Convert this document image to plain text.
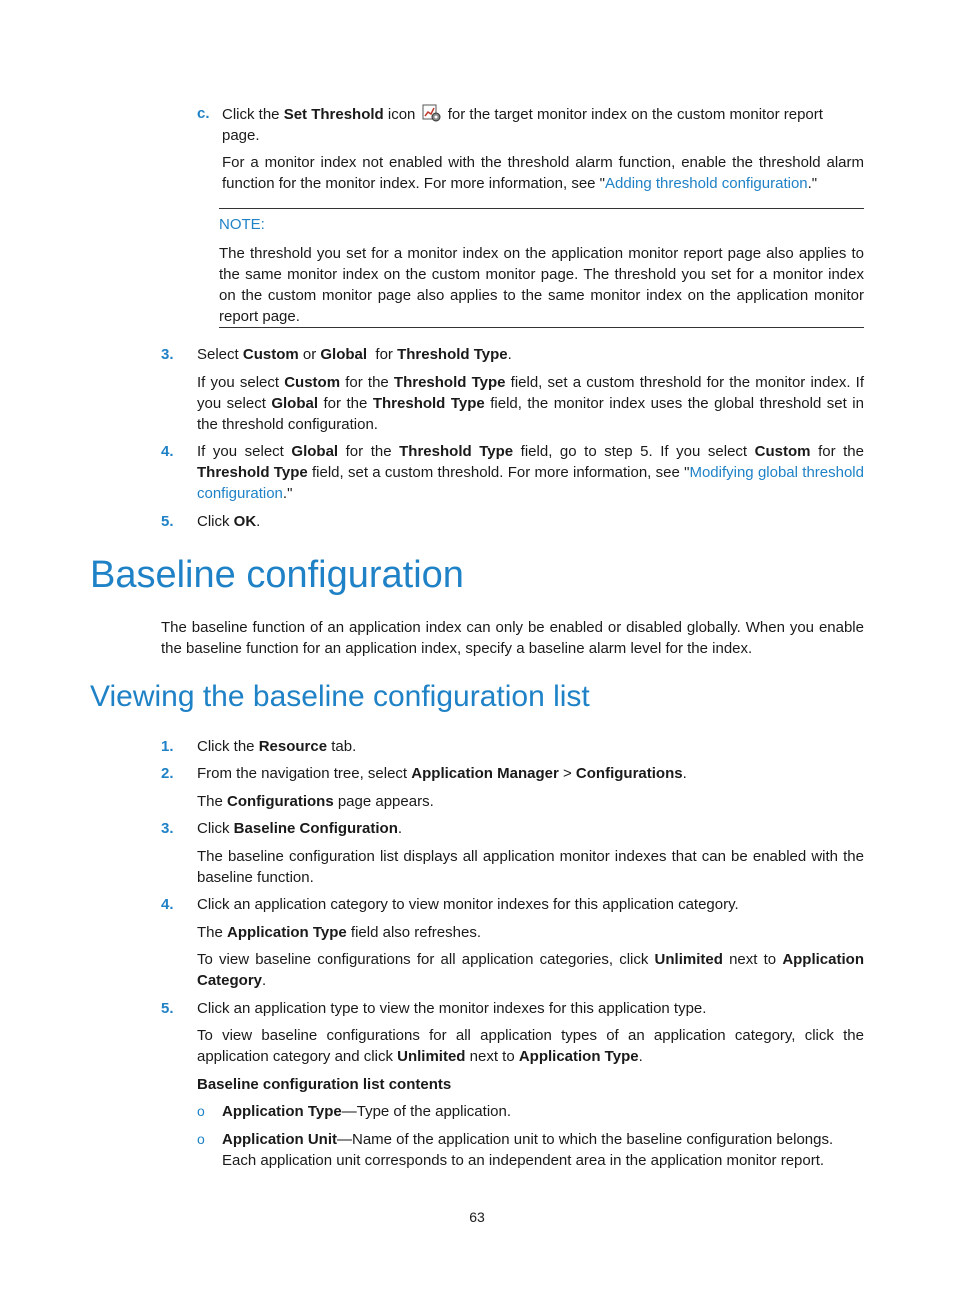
c. Click the Set Threshold icon  for the target monitor index on the custom monitor report page.
For a monitor index not enabled with the threshold alarm function, enable the threshold alarm function for the monitor index. For more information, see "Adding threshold configuration."
NOTE:
The threshold you set for a monitor index on the application monitor report page also applies to the same monitor index on the custom monitor page. The threshold you set for a monitor index on the custom monitor page also applies to the same monitor index on the application monitor report page.
3. Select Custom or Global  for Threshold Type.
If you select Custom for the Threshold Type field, set a custom threshold for the monitor index. If you select Global for the Threshold Type field, the monitor index uses the global threshold set in the threshold configuration.
4. If you select Global for the Threshold Type field, go to step 5. If you select Custom for the Threshold Type field, set a custom threshold. For more information, see "Modifying global threshold configuration."
5. Click OK.
Baseline configuration
The baseline function of an application index can only be enabled or disabled globally. When you enable the baseline function for an application index, specify a baseline alarm level for the index.
Viewing the baseline configuration list
1. Click the Resource tab.
2. From the navigation tree, select Application Manager > Configurations.
The Configurations page appears.
3. Click Baseline Configuration.
The baseline configuration list displays all application monitor indexes that can be enabled with the baseline function.
4. Click an application category to view monitor indexes for this application category.
The Application Type field also refreshes.
To view baseline configurations for all application categories, click Unlimited next to Application Category.
5. Click an application type to view the monitor indexes for this application type.
To view baseline configurations for all application types of an application category, click the application category and click Unlimited next to Application Type.
Baseline configuration list contents
o Application Type—Type of the application.
o Application Unit—Name of the application unit to which the baseline configuration belongs. Each application unit corresponds to an independent area in the application monitor report.
63
